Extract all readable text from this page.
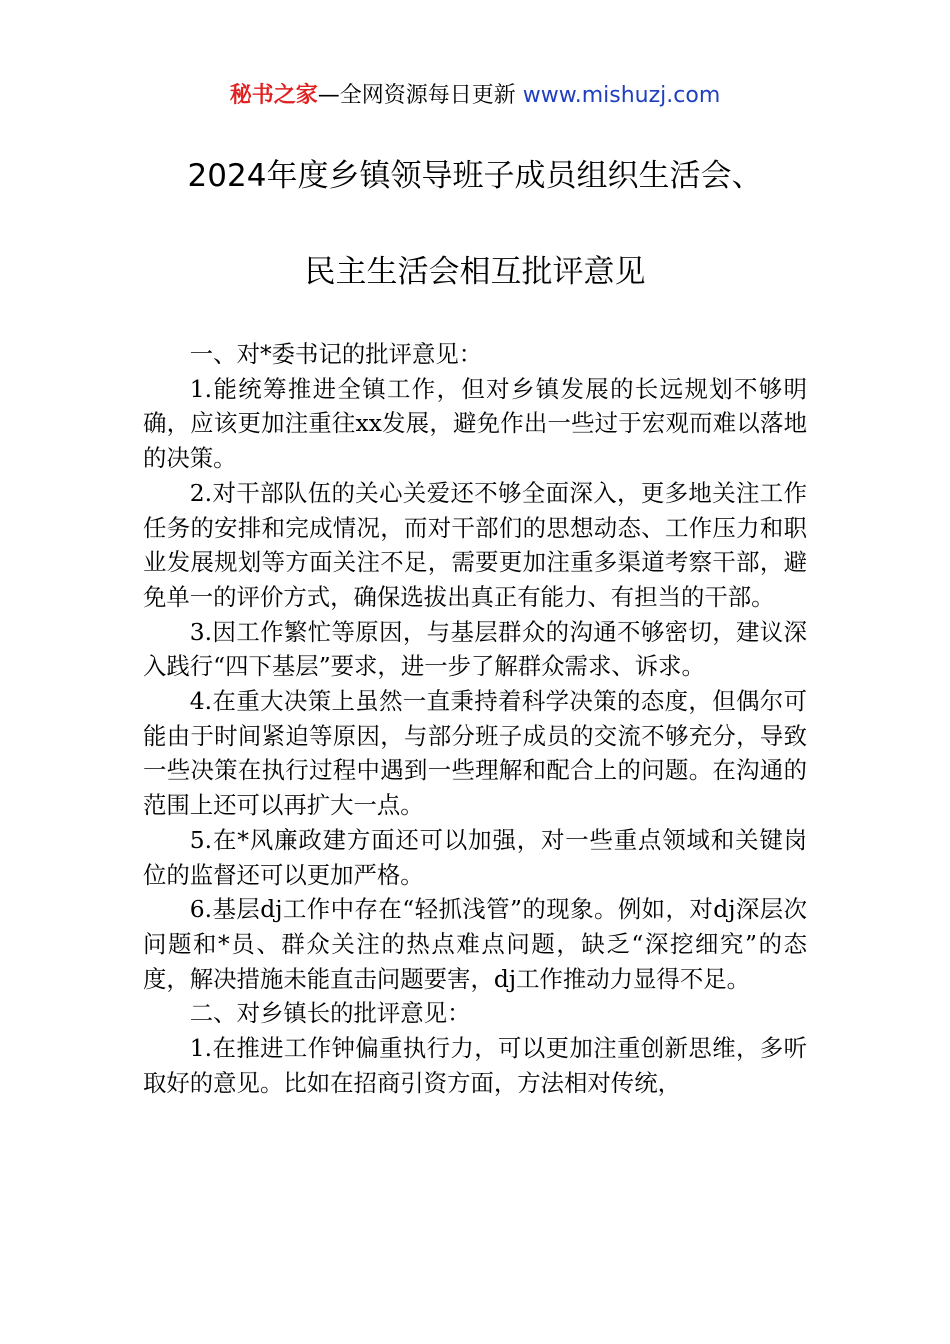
秘书之家—全网资源每日更新 www.mishuzj.com
2024年度乡镇领导班子成员组织生活会、
民主生活会相互批评意见

一、对*委书记的批评意见：

1.能统筹推进全镇工作，但对乡镇发展的长远规划不够明确，应该更加注重往xx发展，避免作出一些过于宏观而难以落地的决策。

2.对干部队伍的关心关爱还不够全面深入，更多地关注工作任务的安排和完成情况，而对干部们的思想动态、工作压力和职业发展规划等方面关注不足，需要更加注重多渠道考察干部，避免单一的评价方式，确保选拔出真正有能力、有担当的干部。

3.因工作繁忙等原因，与基层群众的沟通不够密切，建议深入践行“四下基层”要求，进一步了解群众需求、诉求。

4.在重大决策上虽然一直秉持着科学决策的态度，但偶尔可能由于时间紧迫等原因，与部分班子成员的交流不够充分，导致一些决策在执行过程中遇到一些理解和配合上的问题。在沟通的范围上还可以再扩大一点。

5.在*风廉政建方面还可以加强，对一些重点领域和关键岗位的监督还可以更加严格。

6.基层dj工作中存在“轻抓浅管”的现象。例如，对dj深层次问题和*员、群众关注的热点难点问题，缺乏“深挖细究”的态度，解决措施未能直击问题要害，dj工作推动力显得不足。

二、对乡镇长的批评意见：

1.在推进工作钟偏重执行力，可以更加注重创新思维，多听取好的意见。比如在招商引资方面，方法相对传统，
